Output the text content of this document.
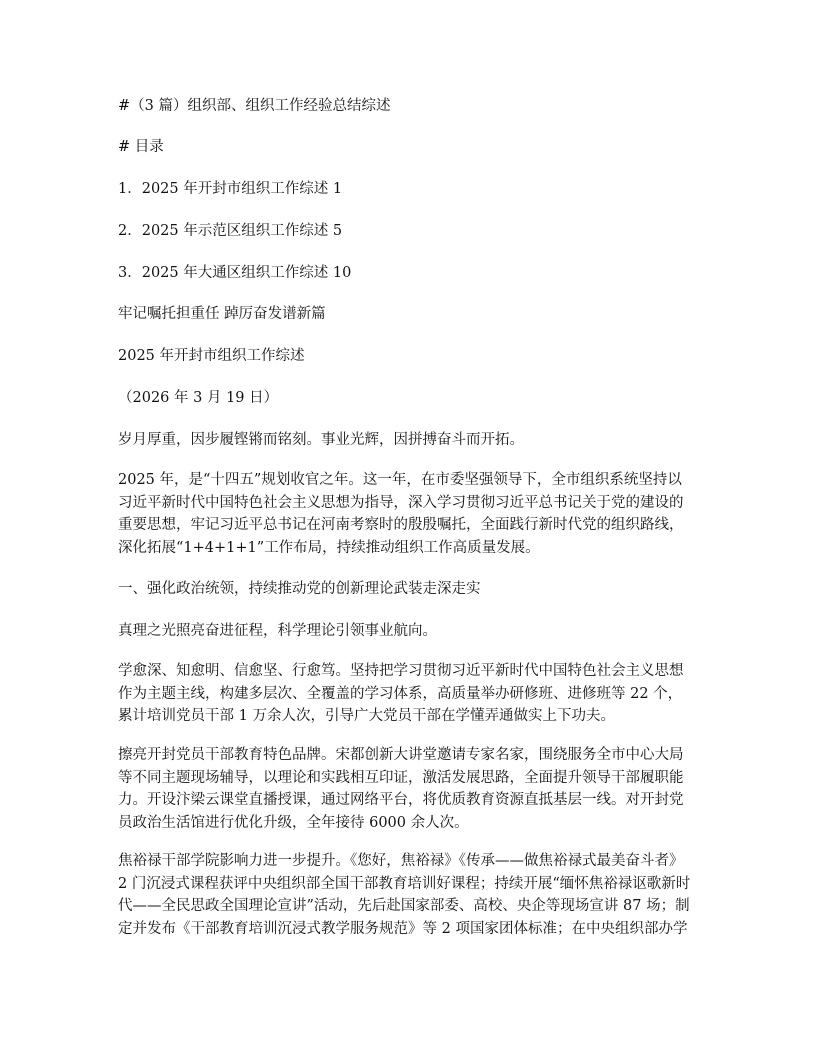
#（3 篇）组织部、组织工作经验总结综述
# 目录
1．2025 年开封市组织工作综述 1
2．2025 年示范区组织工作综述 5
3．2025 年大通区组织工作综述 10
牢记嘱托担重任 踔厉奋发谱新篇
2025 年开封市组织工作综述
（2026 年 3 月 19 日）
岁月厚重，因步履铿锵而铭刻。事业光辉，因拼搏奋斗而开拓。
2025 年，是“十四五”规划收官之年。这一年，在市委坚强领导下，全市组织系统坚持以
习近平新时代中国特色社会主义思想为指导，深入学习贯彻习近平总书记关于党的建设的
重要思想，牢记习近平总书记在河南考察时的殷殷嘱托，全面践行新时代党的组织路线，
深化拓展“1+4+1+1”工作布局，持续推动组织工作高质量发展。
一、强化政治统领，持续推动党的创新理论武装走深走实
真理之光照亮奋进征程，科学理论引领事业航向。
学愈深、知愈明、信愈坚、行愈笃。坚持把学习贯彻习近平新时代中国特色社会主义思想
作为主题主线，构建多层次、全覆盖的学习体系，高质量举办研修班、进修班等 22 个，
累计培训党员干部 1 万余人次，引导广大党员干部在学懂弄通做实上下功夫。
擦亮开封党员干部教育特色品牌。宋都创新大讲堂邀请专家名家，围绕服务全市中心大局
等不同主题现场辅导，以理论和实践相互印证，激活发展思路，全面提升领导干部履职能
力。开设汴梁云课堂直播授课，通过网络平台，将优质教育资源直抵基层一线。对开封党
员政治生活馆进行优化升级，全年接待 6000 余人次。
焦裕禄干部学院影响力进一步提升。《您好，焦裕禄》《传承——做焦裕禄式最美奋斗者》
2 门沉浸式课程获评中央组织部全国干部教育培训好课程；持续开展“缅怀焦裕禄讴歌新时
代——全民思政全国理论宣讲”活动，先后赴国家部委、高校、央企等现场宣讲 87 场；制
定并发布《干部教育培训沉浸式教学服务规范》等 2 项国家团体标准；在中央组织部办学
